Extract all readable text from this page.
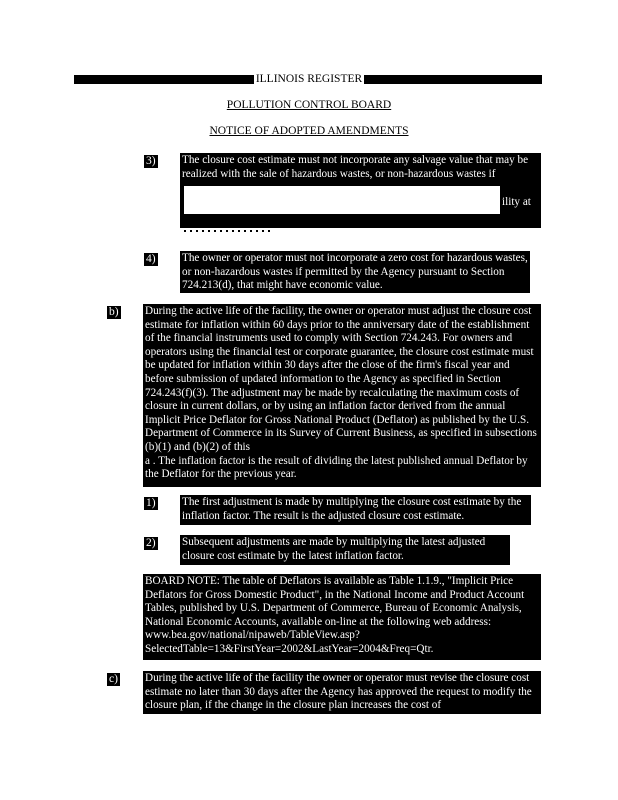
ILLINOIS REGISTER
POLLUTION CONTROL BOARD
NOTICE OF ADOPTED AMENDMENTS
3) The closure cost estimate must not incorporate any salvage value that may be realized with the sale of hazardous wastes, or non-hazardous wastes if
ility at
4) The owner or operator must not incorporate a zero cost for hazardous wastes, or non-hazardous wastes if permitted by the Agency pursuant to Section 724.213(d), that might have economic value.
b) During the active life of the facility, the owner or operator must adjust the closure cost estimate for inflation within 60 days prior to the anniversary date of the establishment of the financial instruments used to comply with Section 724.243. For owners and operators using the financial test or corporate guarantee, the closure cost estimate must be updated for inflation within 30 days after the close of the firm's fiscal year and before submission of updated information to the Agency as specified in Section 724.243(f)(3). The adjustment may be made by recalculating the maximum costs of closure in current dollars, or by using an inflation factor derived from the annual Implicit Price Deflator for Gross National Product (Deflator) as published by the U.S. Department of Commerce in its Survey of Current Business, as specified in subsections (b)(1) and (b)(2) of this
a . The inflation factor is the result of dividing the latest published annual Deflator by the Deflator for the previous year.
1) The first adjustment is made by multiplying the closure cost estimate by the inflation factor. The result is the adjusted closure cost estimate.
2) Subsequent adjustments are made by multiplying the latest adjusted closure cost estimate by the latest inflation factor.
BOARD NOTE: The table of Deflators is available as Table 1.1.9., "Implicit Price Deflators for Gross Domestic Product", in the National Income and Product Account Tables, published by U.S. Department of Commerce, Bureau of Economic Analysis, National Economic Accounts, available on-line at the following web address: www.bea.gov/national/nipaweb/TableView.asp?SelectedTable=13&FirstYear=2002&LastYear=2004&Freq=Qtr.
c) During the active life of the facility the owner or operator must revise the closure cost estimate no later than 30 days after the Agency has approved the request to modify the closure plan, if the change in the closure plan increases the cost of
